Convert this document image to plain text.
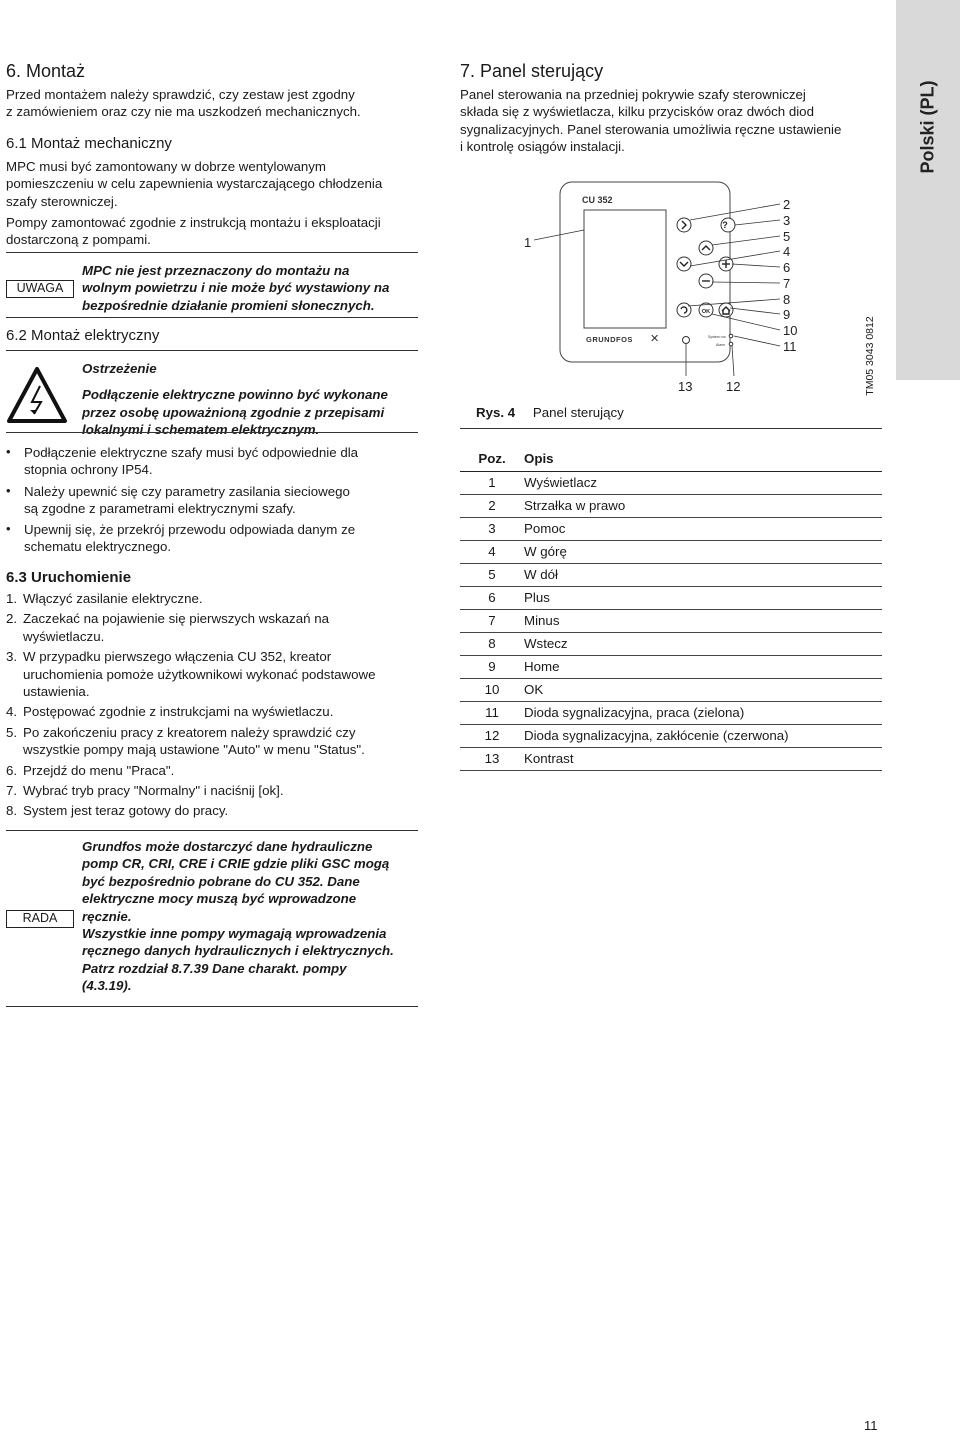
6. Montaż

Przed montażem należy sprawdzić, czy zestaw jest zgodny

z zamówieniem oraz czy nie ma uszkodzeń mechanicznych.

6.1 Montaż mechaniczny

MPC musi być zamontowany w dobrze wentylowanym

pomieszczeniu w celu zapewnienia wystarczającego chłodzenia

szafy sterowniczej.

Pompy zamontować zgodnie z instrukcją montażu i eksploatacji

dostarczoną z pompami.

UWAGA

MPC nie jest przeznaczony do montażu na

wolnym powietrzu i nie może być wystawiony na

bezpośrednie działanie promieni słonecznych.

6.2 Montaż elektryczny

Ostrzeżenie

Podłączenie elektryczne powinno być wykonane

przez osobę upoważnioną zgodnie z przepisami

lokalnymi i schematem elektrycznym.

• Podłączenie elektryczne szafy musi być odpowiednie dla
stopnia ochrony IP54.
• Należy upewnić się czy parametry zasilania sieciowego
są zgodne z parametrami elektrycznymi szafy.
• Upewnij się, że przekrój przewodu odpowiada danym ze
schematu elektrycznego.
6.3 Uruchomienie
1. Włączyć zasilanie elektryczne.
2. Zaczekać na pojawienie się pierwszych wskazań na
wyświetlaczu.
3. W przypadku pierwszego włączenia CU 352, kreator
uruchomienia pomoże użytkownikowi wykonać podstawowe
ustawienia.
4. Postępować zgodnie z instrukcjami na wyświetlaczu.
5. Po zakończeniu pracy z kreatorem należy sprawdzić czy
wszystkie pompy mają ustawione "Auto" w menu "Status".
6. Przejdź do menu "Praca".
7. Wybrać tryb pracy "Normalny" i naciśnij [ok].
8. System jest teraz gotowy do pracy.
RADA

Grundfos może dostarczyć dane hydrauliczne

pomp CR, CRI, CRE i CRIE gdzie pliki GSC mogą

być bezpośrednio pobrane do CU 352. Dane

elektryczne mocy muszą być wprowadzone

ręcznie.

Wszystkie inne pompy wymagają wprowadzenia

ręcznego danych hydraulicznych i elektrycznych.

Patrz rozdział 8.7.39 Dane charakt. pompy

(4.3.19).

7. Panel sterujący

Panel sterowania na przedniej pokrywie szafy sterowniczej

składa się z wyświetlacza, kilku przycisków oraz dwóch diod

sygnalizacyjnych. Panel sterowania umożliwia ręczne ustawienie

i kontrolę osiągów instalacji.

CU 352
GRUNDFOS ✕
?
OK
System run
Alarm
1
2
3
5
4
6
7
8
9
10
11
12
13
Rys. 4 Panel sterujący
TM05 3043 0812
Poz.	Opis
1	Wyświetlacz
2	Strzałka w prawo
3	Pomoc
4	W górę
5	W dół
6	Plus
7	Minus
8	Wstecz
9	Home
10	OK
11	Dioda sygnalizacyjna, praca (zielona)
12	Dioda sygnalizacyjna, zakłócenie (czerwona)
13	Kontrast
Polski (PL)
11
